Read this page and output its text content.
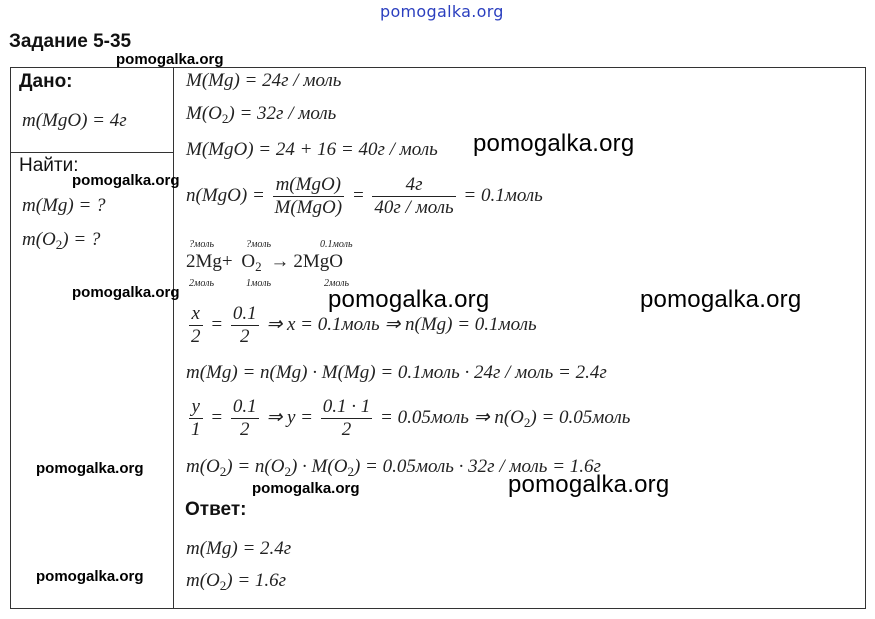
pomogalka.org
Задание 5-35
Дано:
m(MgO) = 4г
Найти:
m(Mg) = ?
$m(O_2)$ = ?
M(Mg) = 24г / моль
$M(O_2) = 32г$ / моль
M(MgO) = 24 + 16 = 40г / моль
$n(MgO) = \frac{\text{m(MgO)}}{\text{M(MgO)}} = \frac{4г}{\text{40г / моль}}$ = 0.1моль
?моль	?моль	0.1моль
$2Mg+ O_2 \to 2MgO$
2моль	1моль	2моль
$\frac{x}{2} = \frac{0.1}{2}$ ⇒ x = 0.1моль ⇒ n(Mg) = 0.1моль
m(Mg) = n(Mg) · M(Mg) = 0.1моль · 24г / моль = 2.4г
$\frac{y}{1} = \frac{0.1}{2}$ ⇒ $y = \frac{0.1 \cdot 1}{2}$ = 0.05моль ⇒ $n(O_2)$ = 0.05моль
$m(O_2) = n(O_2) \cdot M(O_2)$ = 0.05моль · 32г / моль = 1.6г
Ответ:
m(Mg) = 2.4г
$m(O_2) = 1.6г$
pomogalka.org
pomogalka.org
pomogalka.org
pomogalka.org	pomogalka.org	pomogalka.org
pomogalka.org
pomogalka.org	pomogalka.org
pomogalka.org
